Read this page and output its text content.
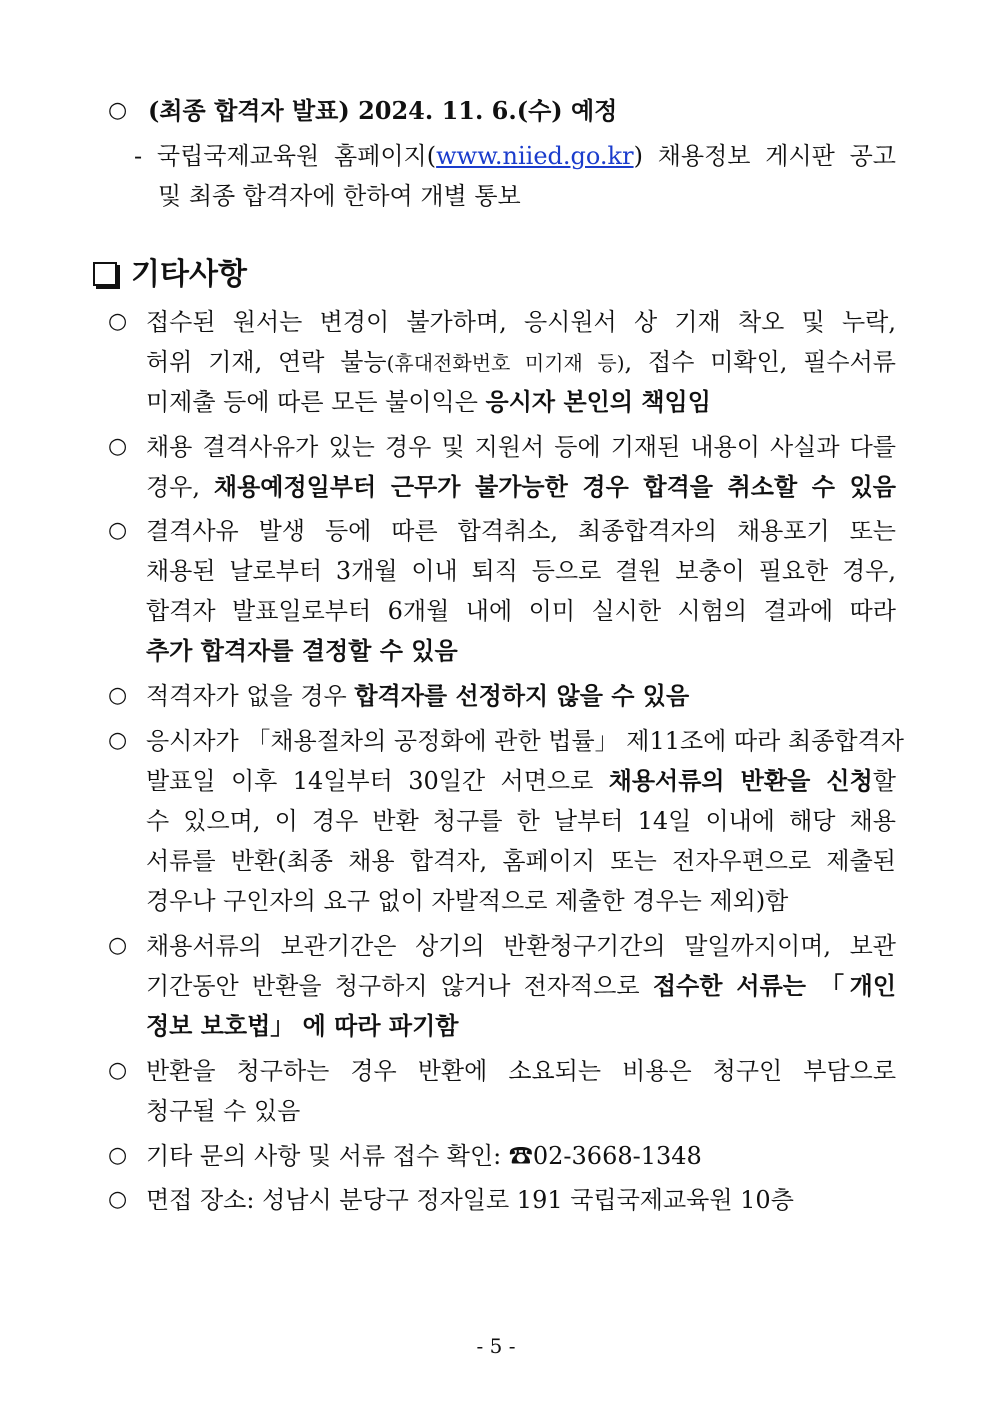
○ (최종 합격자 발표) 2024. 11. 6.(수) 예정
- 국립국제교육원 홈페이지(www.niied.go.kr) 채용정보 게시판 공고
및 최종 합격자에 한하여 개별 통보
기타사항
○ 접수된 원서는 변경이 불가하며, 응시원서 상 기재 착오 및 누락,
허위 기재, 연락 불능(휴대전화번호 미기재 등), 접수 미확인, 필수서류
미제출 등에 따른 모든 불이익은 응시자 본인의 책임임
○ 채용 결격사유가 있는 경우 및 지원서 등에 기재된 내용이 사실과 다를
경우, 채용예정일부터 근무가 불가능한 경우 합격을 취소할 수 있음
○ 결격사유 발생 등에 따른 합격취소, 최종합격자의 채용포기 또는
채용된 날로부터 3개월 이내 퇴직 등으로 결원 보충이 필요한 경우,
합격자 발표일로부터 6개월 내에 이미 실시한 시험의 결과에 따라
추가 합격자를 결정할 수 있음
○ 적격자가 없을 경우 합격자를 선정하지 않을 수 있음
○ 응시자가 「채용절차의 공정화에 관한 법률」 제11조에 따라 최종합격자
발표일 이후 14일부터 30일간 서면으로 채용서류의 반환을 신청할
수 있으며, 이 경우 반환 청구를 한 날부터 14일 이내에 해당 채용
서류를 반환(최종 채용 합격자, 홈페이지 또는 전자우편으로 제출된
경우나 구인자의 요구 없이 자발적으로 제출한 경우는 제외)함
○ 채용서류의 보관기간은 상기의 반환청구기간의 말일까지이며, 보관
기간동안 반환을 청구하지 않거나 전자적으로 접수한 서류는 「개인
정보 보호법」 에 따라 파기함
○ 반환을 청구하는 경우 반환에 소요되는 비용은 청구인 부담으로
청구될 수 있음
○ 기타 문의 사항 및 서류 접수 확인: ☎02-3668-1348
○ 면접 장소: 성남시 분당구 정자일로 191 국립국제교육원 10층
- 5 -
